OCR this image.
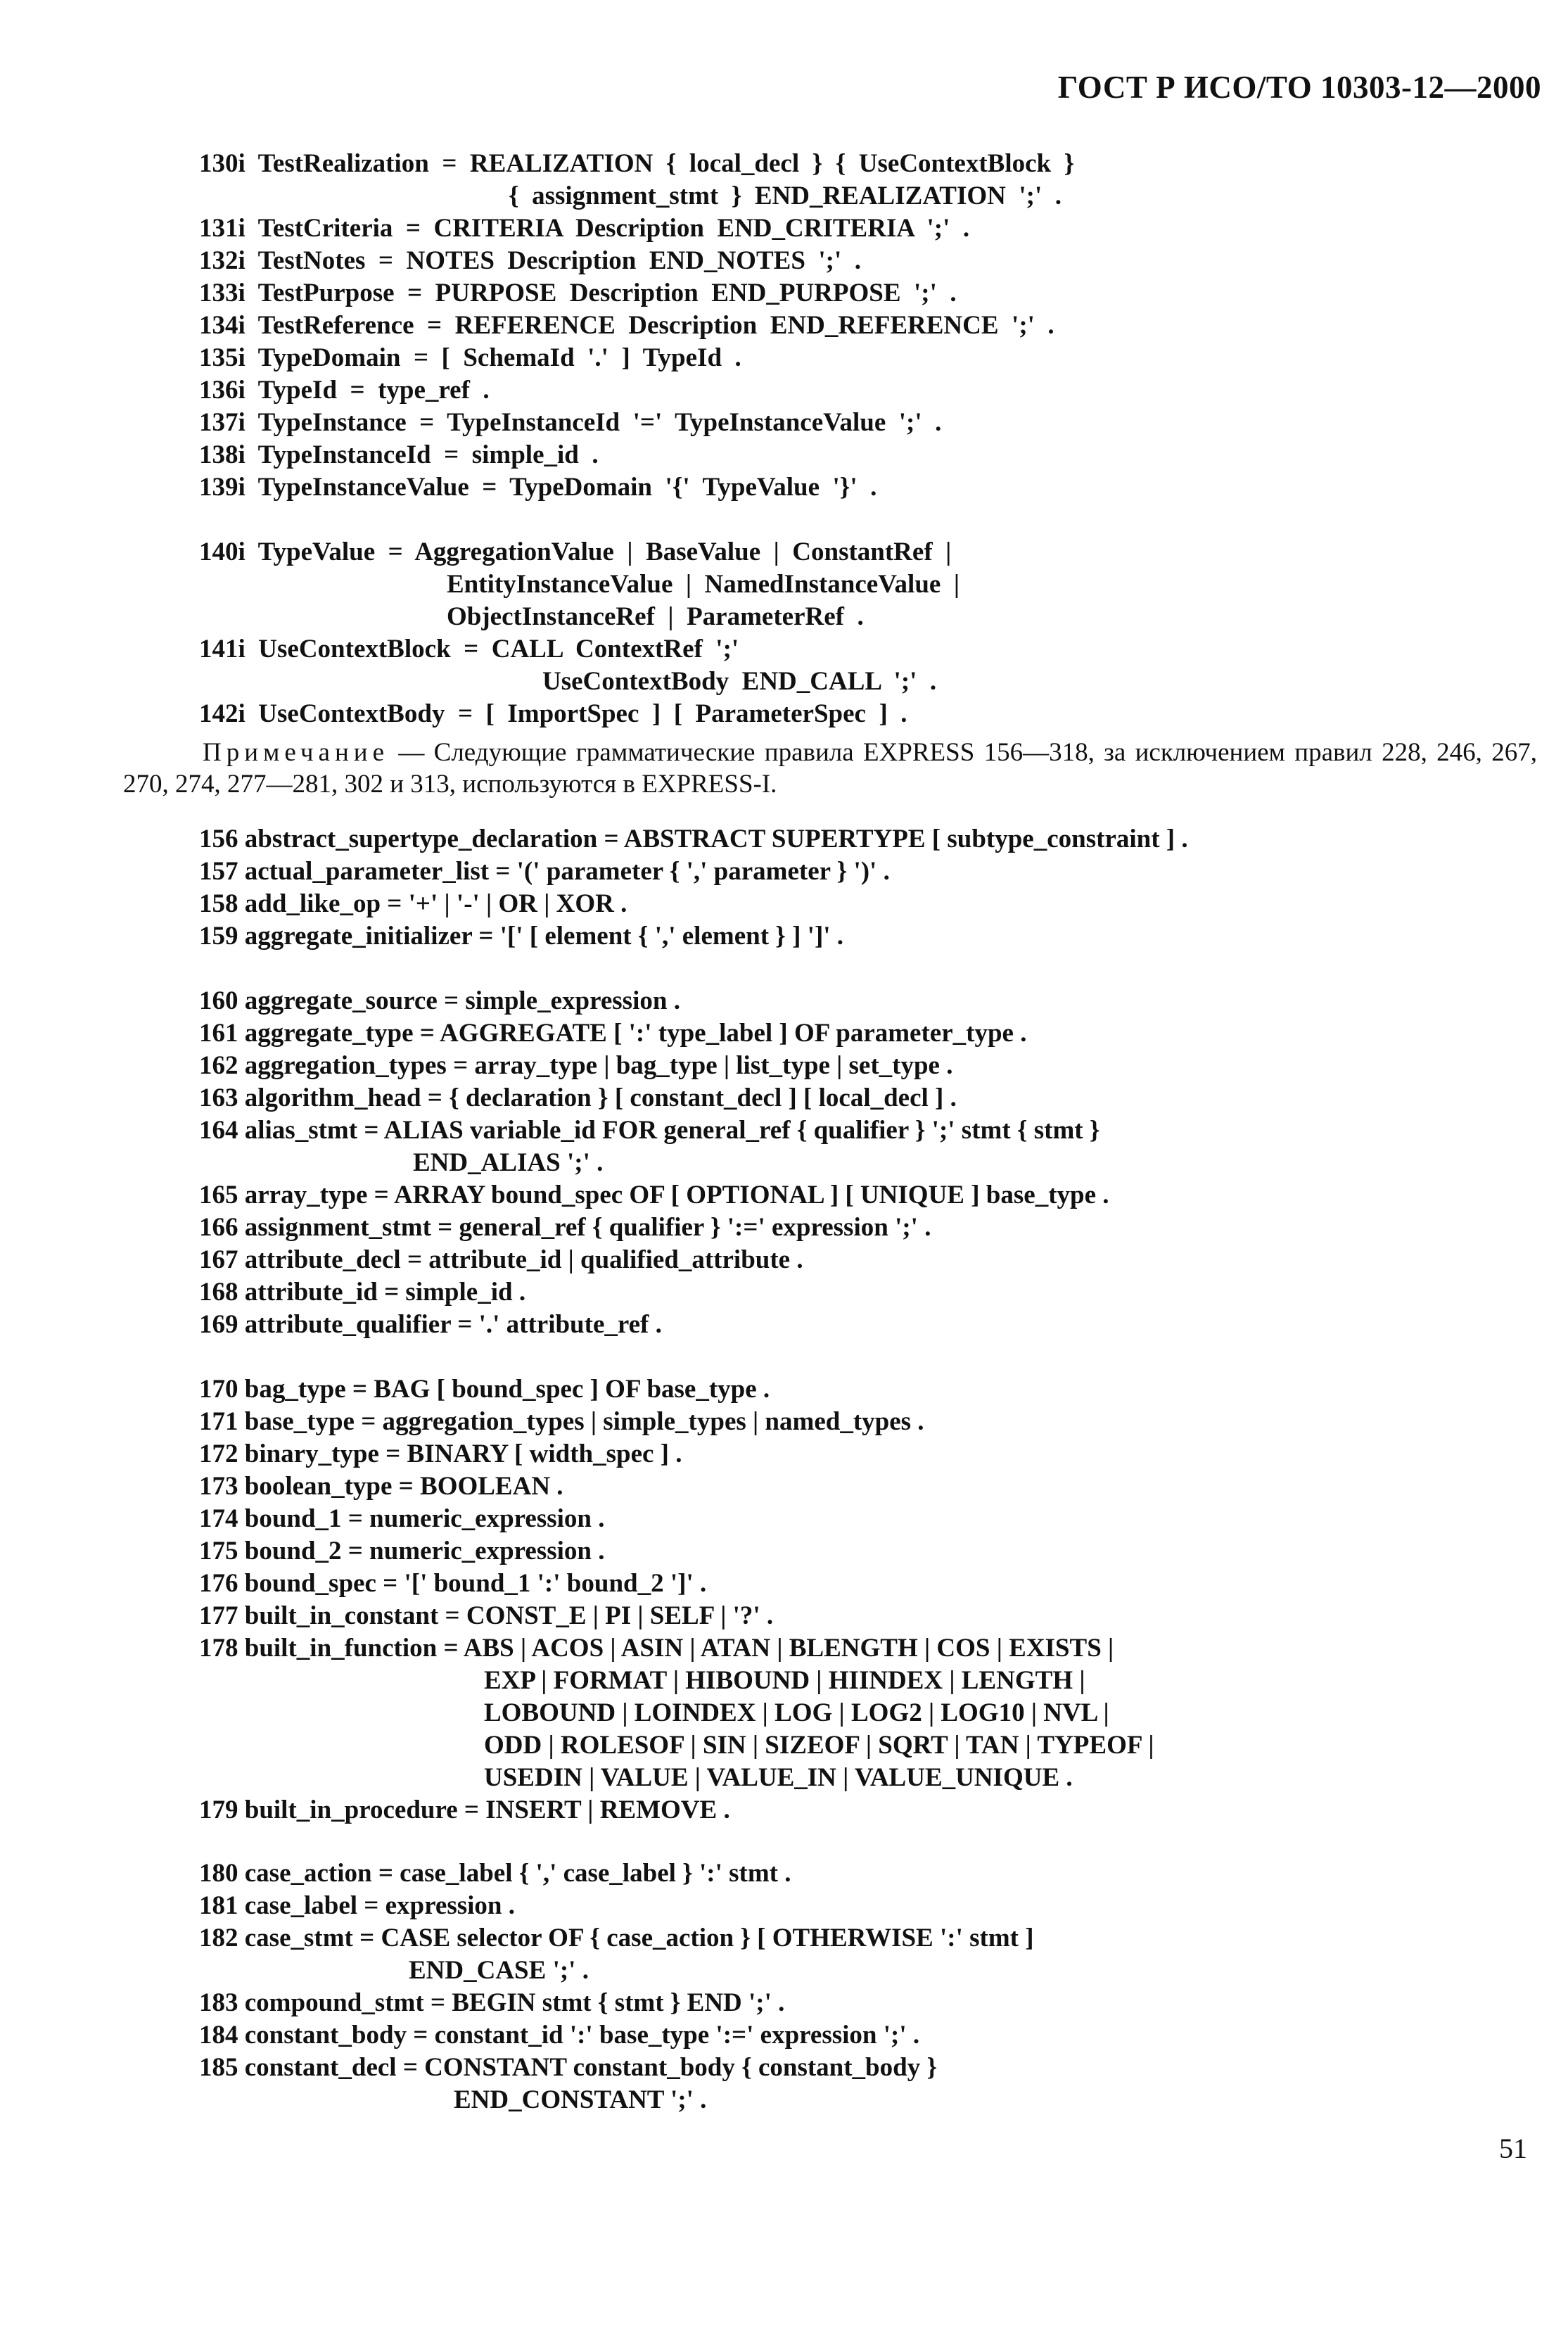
ГОСТ Р ИСО/ТО 10303-12—2000
130i  TestRealization  =  REALIZATION  {  local_decl  }  {  UseContextBlock  }
{  assignment_stmt  }  END_REALIZATION  ';'  .
131i  TestCriteria  =  CRITERIA  Description  END_CRITERIA  ';'  .
132i  TestNotes  =  NOTES  Description  END_NOTES  ';'  .
133i  TestPurpose  =  PURPOSE  Description  END_PURPOSE  ';'  .
134i  TestReference  =  REFERENCE  Description  END_REFERENCE  ';'  .
135i  TypeDomain  =  [  SchemaId  '.'  ]  TypeId  .
136i  TypeId  =  type_ref  .
137i  TypeInstance  =  TypeInstanceId  '='  TypeInstanceValue  ';'  .
138i  TypeInstanceId  =  simple_id  .
139i  TypeInstanceValue  =  TypeDomain  '{'  TypeValue  '}'  .
140i  TypeValue  =  AggregationValue  |  BaseValue  |  ConstantRef  |
EntityInstanceValue  |  NamedInstanceValue  |
ObjectInstanceRef  |  ParameterRef  .
141i  UseContextBlock  =  CALL  ContextRef  ';'
UseContextBody  END_CALL  ';'  .
142i  UseContextBody  =  [  ImportSpec  ]  [  ParameterSpec  ]  .
Примечание — Следующие грамматические правила EXPRESS 156—318, за исключением правил 228, 246, 267, 270, 274, 277—281, 302 и 313, используются в EXPRESS-I.
156 abstract_supertype_declaration = ABSTRACT SUPERTYPE [ subtype_constraint ] .
157 actual_parameter_list = '(' parameter { ',' parameter } ')' .
158 add_like_op = '+' | '-' | OR | XOR .
159 aggregate_initializer = '[' [ element { ',' element } ] ']' .
160 aggregate_source = simple_expression .
161 aggregate_type = AGGREGATE [ ':' type_label ] OF parameter_type .
162 aggregation_types = array_type | bag_type | list_type | set_type .
163 algorithm_head = { declaration } [ constant_decl ] [ local_decl ] .
164 alias_stmt = ALIAS variable_id FOR general_ref { qualifier } ';' stmt { stmt }
END_ALIAS ';' .
165 array_type = ARRAY bound_spec OF [ OPTIONAL ] [ UNIQUE ] base_type .
166 assignment_stmt = general_ref { qualifier } ':=' expression ';' .
167 attribute_decl = attribute_id | qualified_attribute .
168 attribute_id = simple_id .
169 attribute_qualifier = '.' attribute_ref .
170 bag_type = BAG [ bound_spec ] OF base_type .
171 base_type = aggregation_types | simple_types | named_types .
172 binary_type = BINARY [ width_spec ] .
173 boolean_type = BOOLEAN .
174 bound_1 = numeric_expression .
175 bound_2 = numeric_expression .
176 bound_spec = '[' bound_1 ':' bound_2 ']' .
177 built_in_constant = CONST_E | PI | SELF | '?' .
178 built_in_function = ABS | ACOS | ASIN | ATAN | BLENGTH | COS | EXISTS |
EXP | FORMAT | HIBOUND | HIINDEX | LENGTH |
LOBOUND | LOINDEX | LOG | LOG2 | LOG10 | NVL |
ODD | ROLESOF | SIN | SIZEOF | SQRT | TAN | TYPEOF |
USEDIN | VALUE | VALUE_IN | VALUE_UNIQUE .
179 built_in_procedure = INSERT | REMOVE .
180 case_action = case_label { ',' case_label } ':' stmt .
181 case_label = expression .
182 case_stmt = CASE selector OF { case_action } [ OTHERWISE ':' stmt ]
END_CASE ';' .
183 compound_stmt = BEGIN stmt { stmt } END ';' .
184 constant_body = constant_id ':' base_type ':=' expression ';' .
185 constant_decl = CONSTANT constant_body { constant_body }
END_CONSTANT ';' .
51
